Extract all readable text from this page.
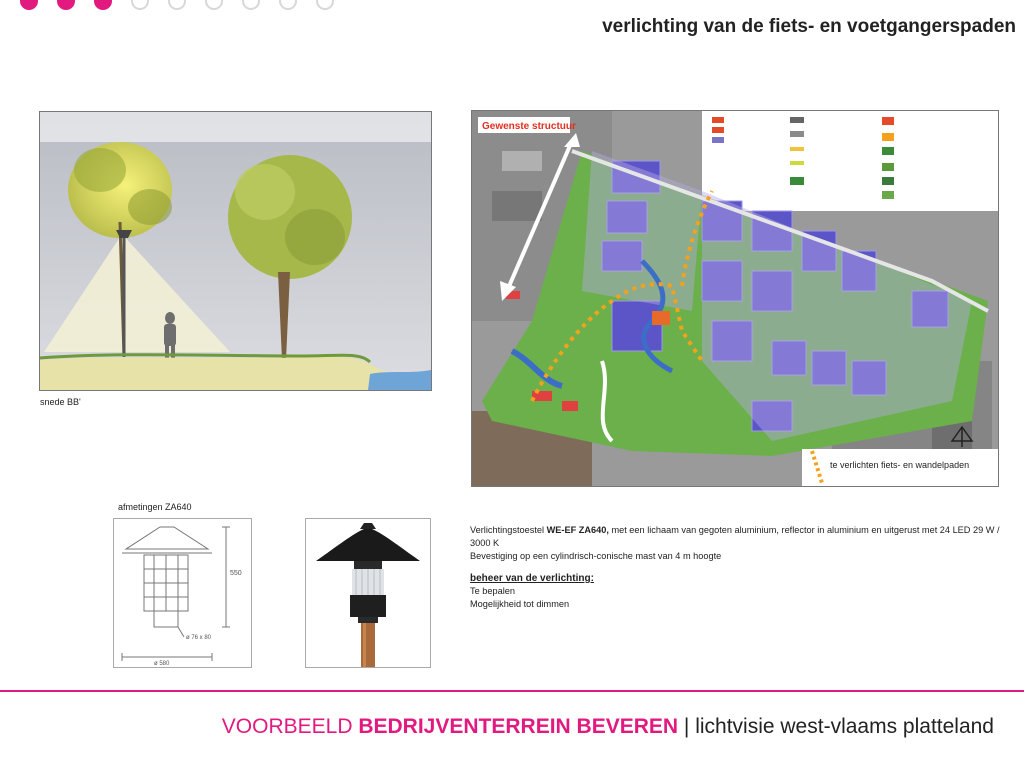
verlichting van de fiets- en voetgangerspaden
snede BB'
Gewenste structuur
te verlichten fiets- en wandelpaden
afmetingen ZA640
550
ø 76 x 80
ø 580

Verlichtingstoestel WE-EF ZA640, met een lichaam van gegoten aluminium, reflector in aluminium en uitgerust met 24 LED 29 W / 3000 K

Bevestiging op een cylindrisch-conische mast van 4 m hoogte

beheer van de verlichting:

Te bepalen

Mogelijkheid tot dimmen

VOORBEELD BEDRIJVENTERREIN BEVEREN | lichtvisie west-vlaams platteland
